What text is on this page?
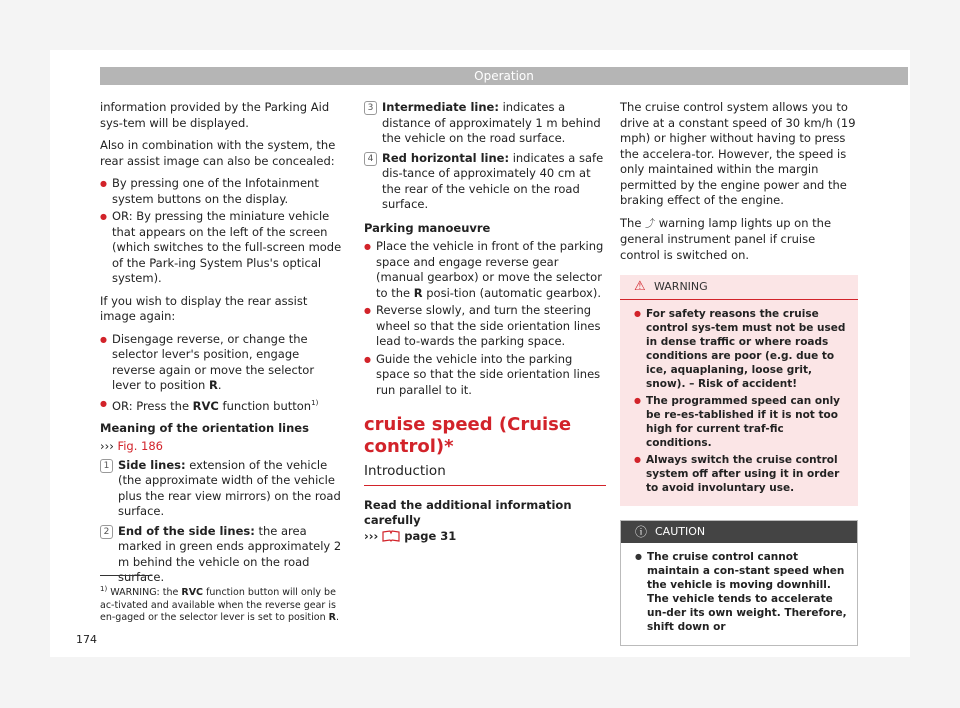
Operation

information provided by the Parking Aid sys-tem will be displayed.

Also in combination with the system, the rear assist image can also be concealed:

● By pressing one of the Infotainment system buttons on the display.
● OR: By pressing the miniature vehicle that appears on the left of the screen (which switches to the full-screen mode of the Park-ing System Plus's optical system).

If you wish to display the rear assist image again:

● Disengage reverse, or change the selector lever's position, engage reverse again or move the selector lever to position R.
● OR: Press the RVC function button$^{1)}$

Meaning of the orientation lines

››› Fig. 186

1 Side lines: extension of the vehicle (the approximate width of the vehicle plus the rear view mirrors) on the road surface.
2 End of the side lines: the area marked in green ends approximately 2 m behind the vehicle on the road surface.
3 Intermediate line: indicates a distance of approximately 1 m behind the vehicle on the road surface.
4 Red horizontal line: indicates a safe dis-tance of approximately 40 cm at the rear of the vehicle on the road surface.

Parking manoeuvre

● Place the vehicle in front of the parking space and engage reverse gear (manual gearbox) or move the selector to the R posi-tion (automatic gearbox).
● Reverse slowly, and turn the steering wheel so that the side orientation lines lead to-wards the parking space.
● Guide the vehicle into the parking space so that the side orientation lines run parallel to it.
cruise speed (Cruise control)*
Introduction

Read the additional information carefully

›››  page 31

The cruise control system allows you to drive at a constant speed of 30 km/h (19 mph) or higher without having to press the accelera-tor. However, the speed is only maintained within the margin permitted by the engine power and the braking effect of the engine.

The ⤴ warning lamp lights up on the general instrument panel if cruise control is switched on.

⚠ WARNING
● For safety reasons the cruise control sys-tem must not be used in dense traffic or where roads conditions are poor (e.g. due to ice, aquaplaning, loose grit, snow). – Risk of accident!
● The programmed speed can only be re-es-tablished if it is not too high for current traf-fic conditions.
● Always switch the cruise control system off after using it in order to avoid involuntary use.
ⓘ CAUTION
● The cruise control cannot maintain a con-stant speed when the vehicle is moving downhill. The vehicle tends to accelerate un-der its own weight. Therefore, shift down or
$^{1)}$ WARNING: the RVC function button will only be ac-tivated and available when the reverse gear is en-gaged or the selector lever is set to position R.
174
